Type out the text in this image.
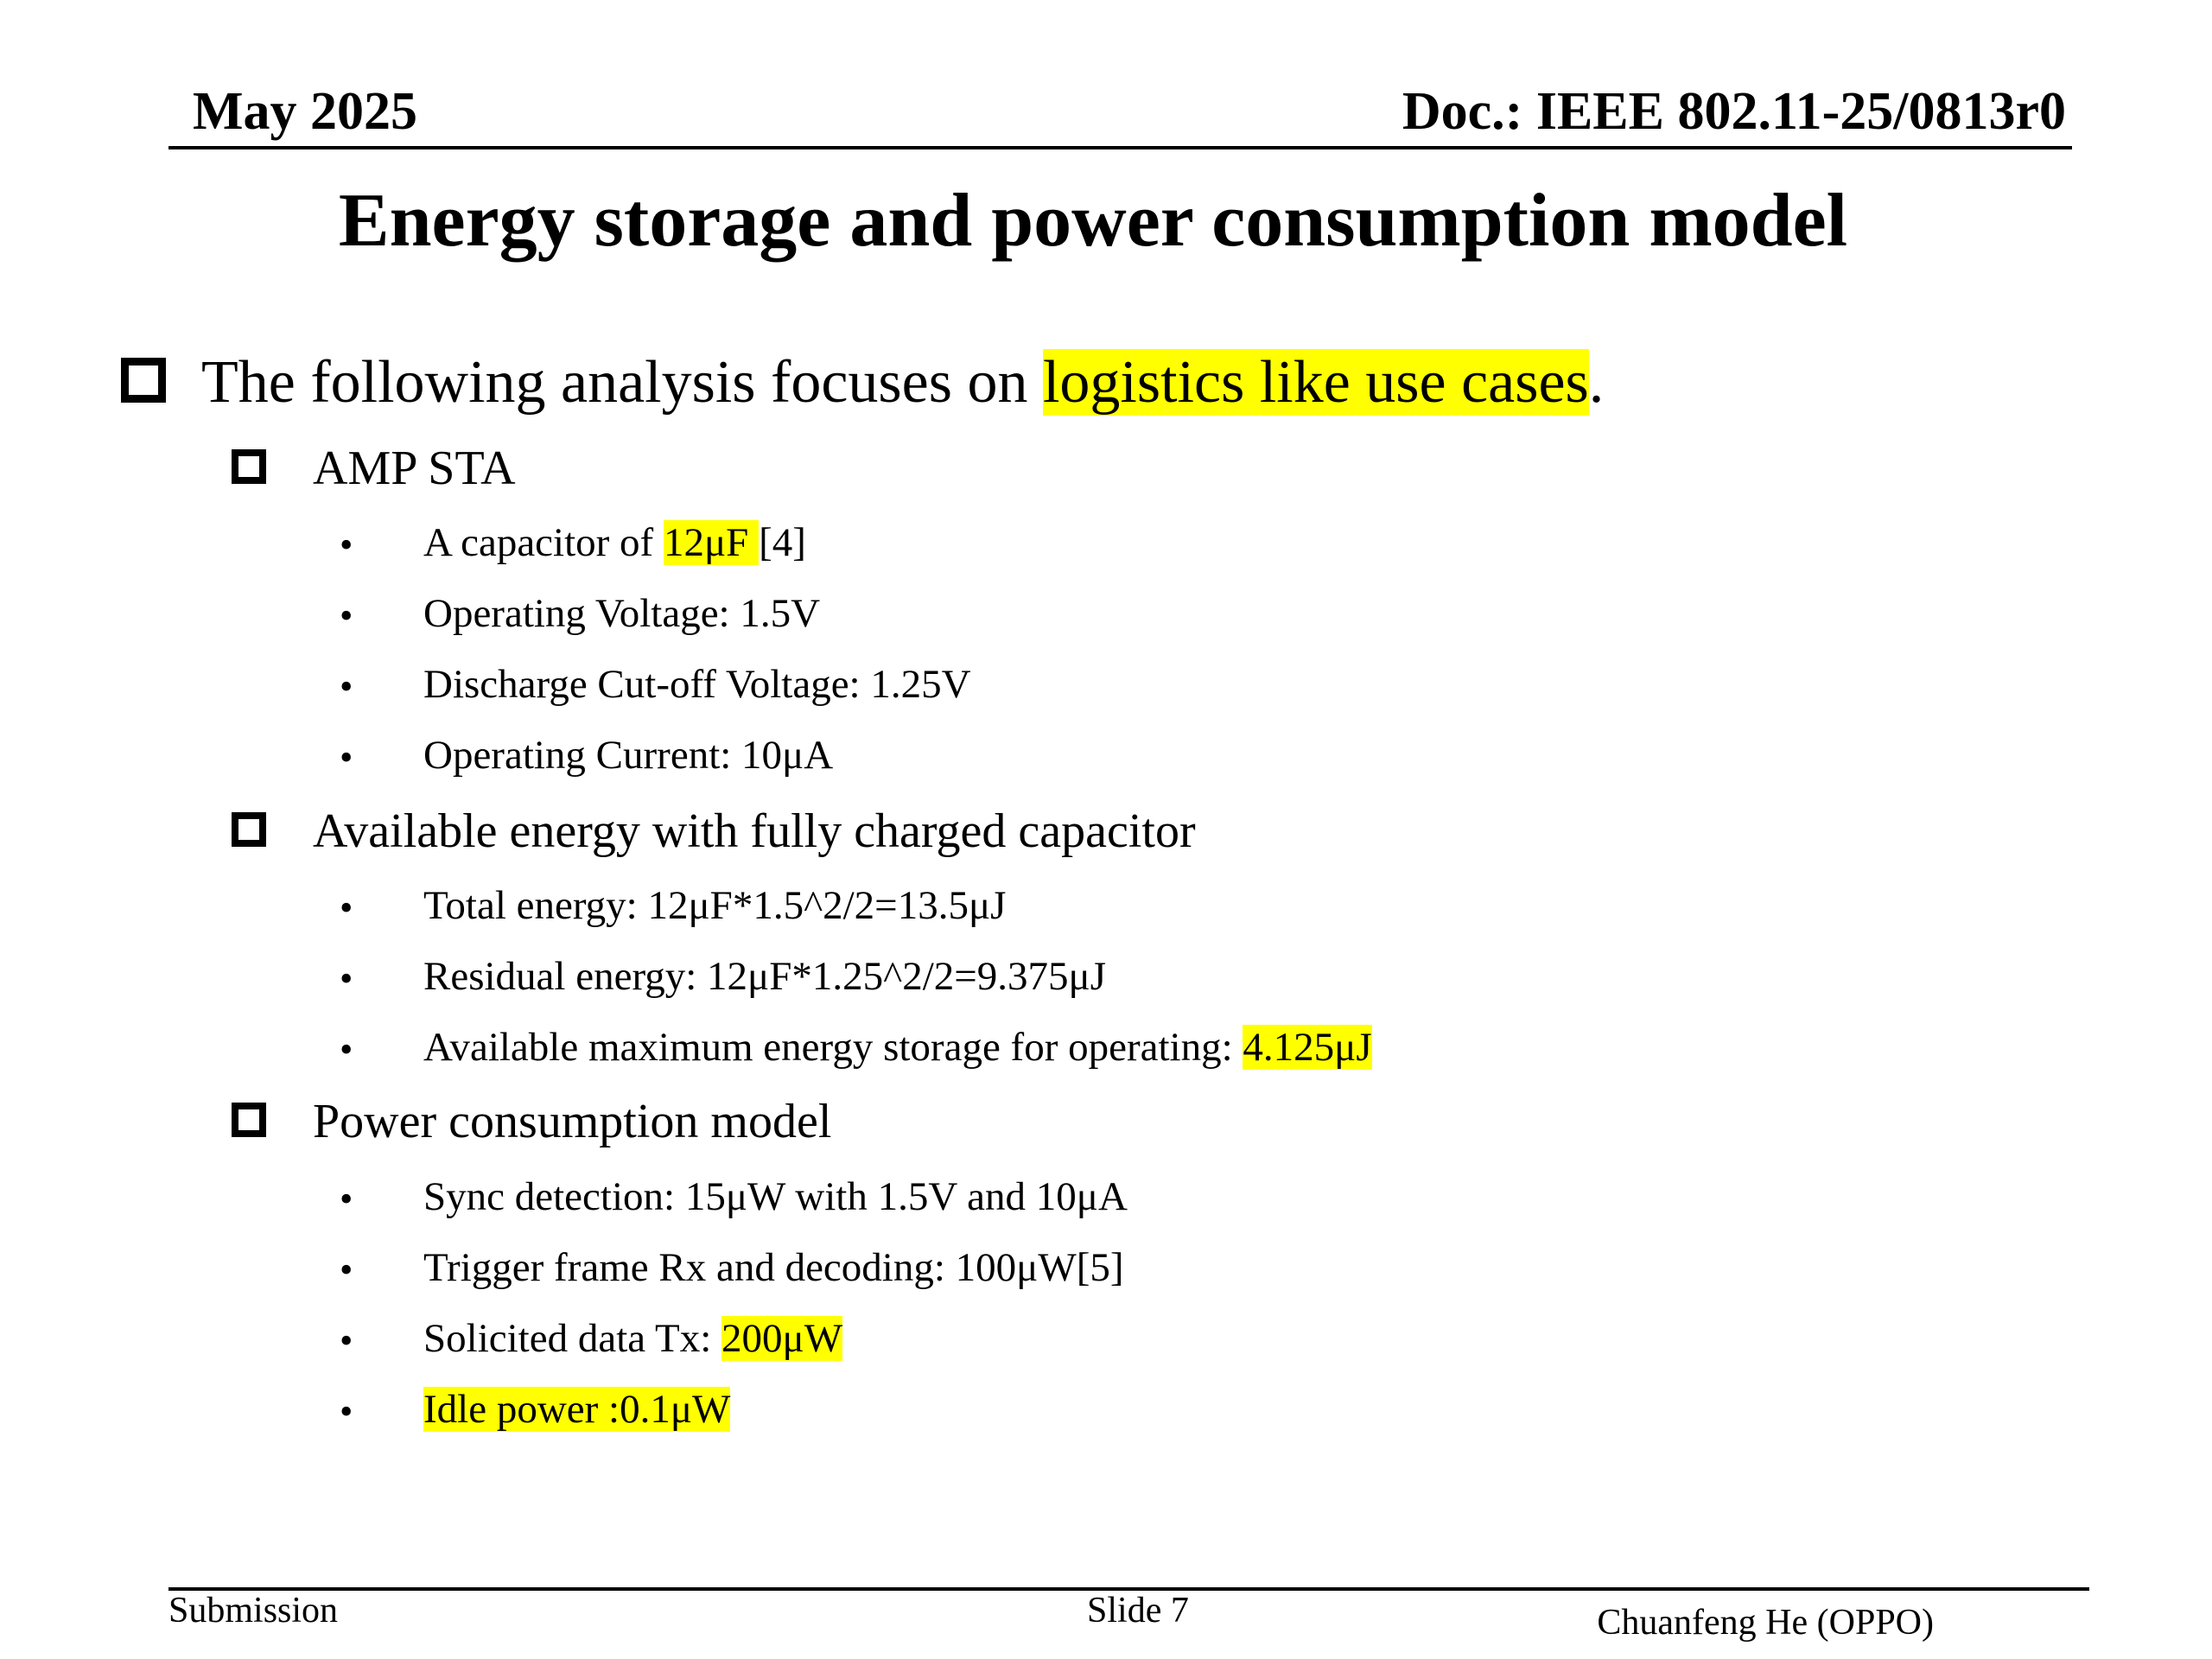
May 2025	Doc.: IEEE 802.11-25/0813r0
Energy storage and power consumption model
The following analysis focuses on logistics like use cases.
AMP STA
• A capacitor of 12μF [4]
• Operating Voltage: 1.5V
• Discharge Cut-off Voltage: 1.25V
• Operating Current: 10μA
Available energy with fully charged capacitor
• Total energy: 12μF*1.5^2/2=13.5μJ
• Residual energy: 12μF*1.25^2/2=9.375μJ
• Available maximum energy storage for operating: 4.125μJ
Power consumption model
• Sync detection: 15μW with 1.5V and 10μA
• Trigger frame Rx and decoding: 100μW[5]
• Solicited data Tx: 200μW
• Idle power :0.1μW
Submission	Slide 7	Chuanfeng He (OPPO)
